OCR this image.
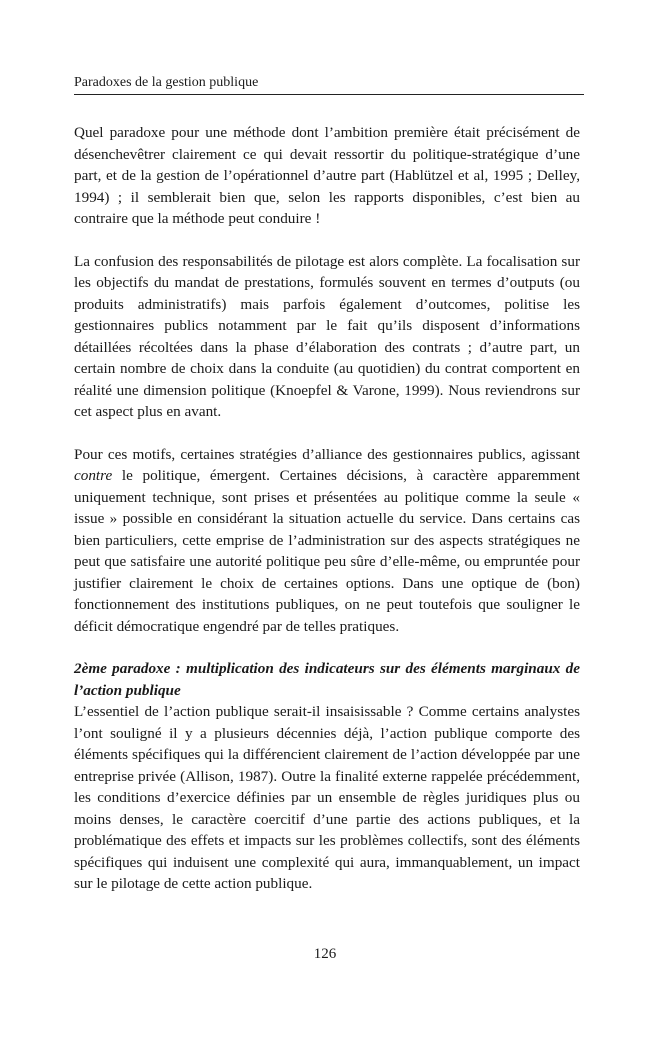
Paradoxes de la gestion publique

Quel paradoxe pour une méthode dont l’ambition première était précisément de désenchevêtrer clairement ce qui devait ressortir du politique-stratégique d’une part, et de la gestion de l’opérationnel d’autre part (Hablützel et al, 1995 ; Delley, 1994) ; il semblerait bien que, selon les rapports disponibles, c’est bien au contraire que la méthode peut conduire !

La confusion des responsabilités de pilotage est alors complète. La focalisation sur les objectifs du mandat de prestations, formulés souvent en termes d’outputs (ou produits administratifs) mais parfois également d’outcomes, politise les gestionnaires publics notamment par le fait qu’ils disposent d’informations détaillées récoltées dans la phase d’élaboration des contrats ; d’autre part, un certain nombre de choix dans la conduite (au quotidien) du contrat comportent en réalité une dimension politique (Knoepfel & Varone, 1999). Nous reviendrons sur cet aspect plus en avant.

Pour ces motifs, certaines stratégies d’alliance des gestionnaires publics, agissant contre le politique, émergent. Certaines décisions, à caractère apparemment uniquement technique, sont prises et présentées au politique comme la seule « issue » possible en considérant la situation actuelle du service. Dans certains cas bien particuliers, cette emprise de l’administration sur des aspects stratégiques ne peut que satisfaire une autorité politique peu sûre d’elle-même, ou empruntée pour justifier clairement le choix de certaines options. Dans une optique de (bon) fonctionnement des institutions publiques, on ne peut toutefois que souligner le déficit démocratique engendré par de telles pratiques.

2ème paradoxe : multiplication des indicateurs sur des éléments marginaux de l’action publique

L’essentiel de l’action publique serait-il insaisissable ? Comme certains analystes l’ont souligné il y a plusieurs décennies déjà, l’action publique comporte des éléments spécifiques qui la différencient clairement de l’action développée par une entreprise privée (Allison, 1987). Outre la finalité externe rappelée précédemment, les conditions d’exercice définies par un ensemble de règles juridiques plus ou moins denses, le caractère coercitif d’une partie des actions publiques, et la problématique des effets et impacts sur les problèmes collectifs, sont des éléments spécifiques qui induisent une complexité qui aura, immanquablement, un impact sur le pilotage de cette action publique.

126
